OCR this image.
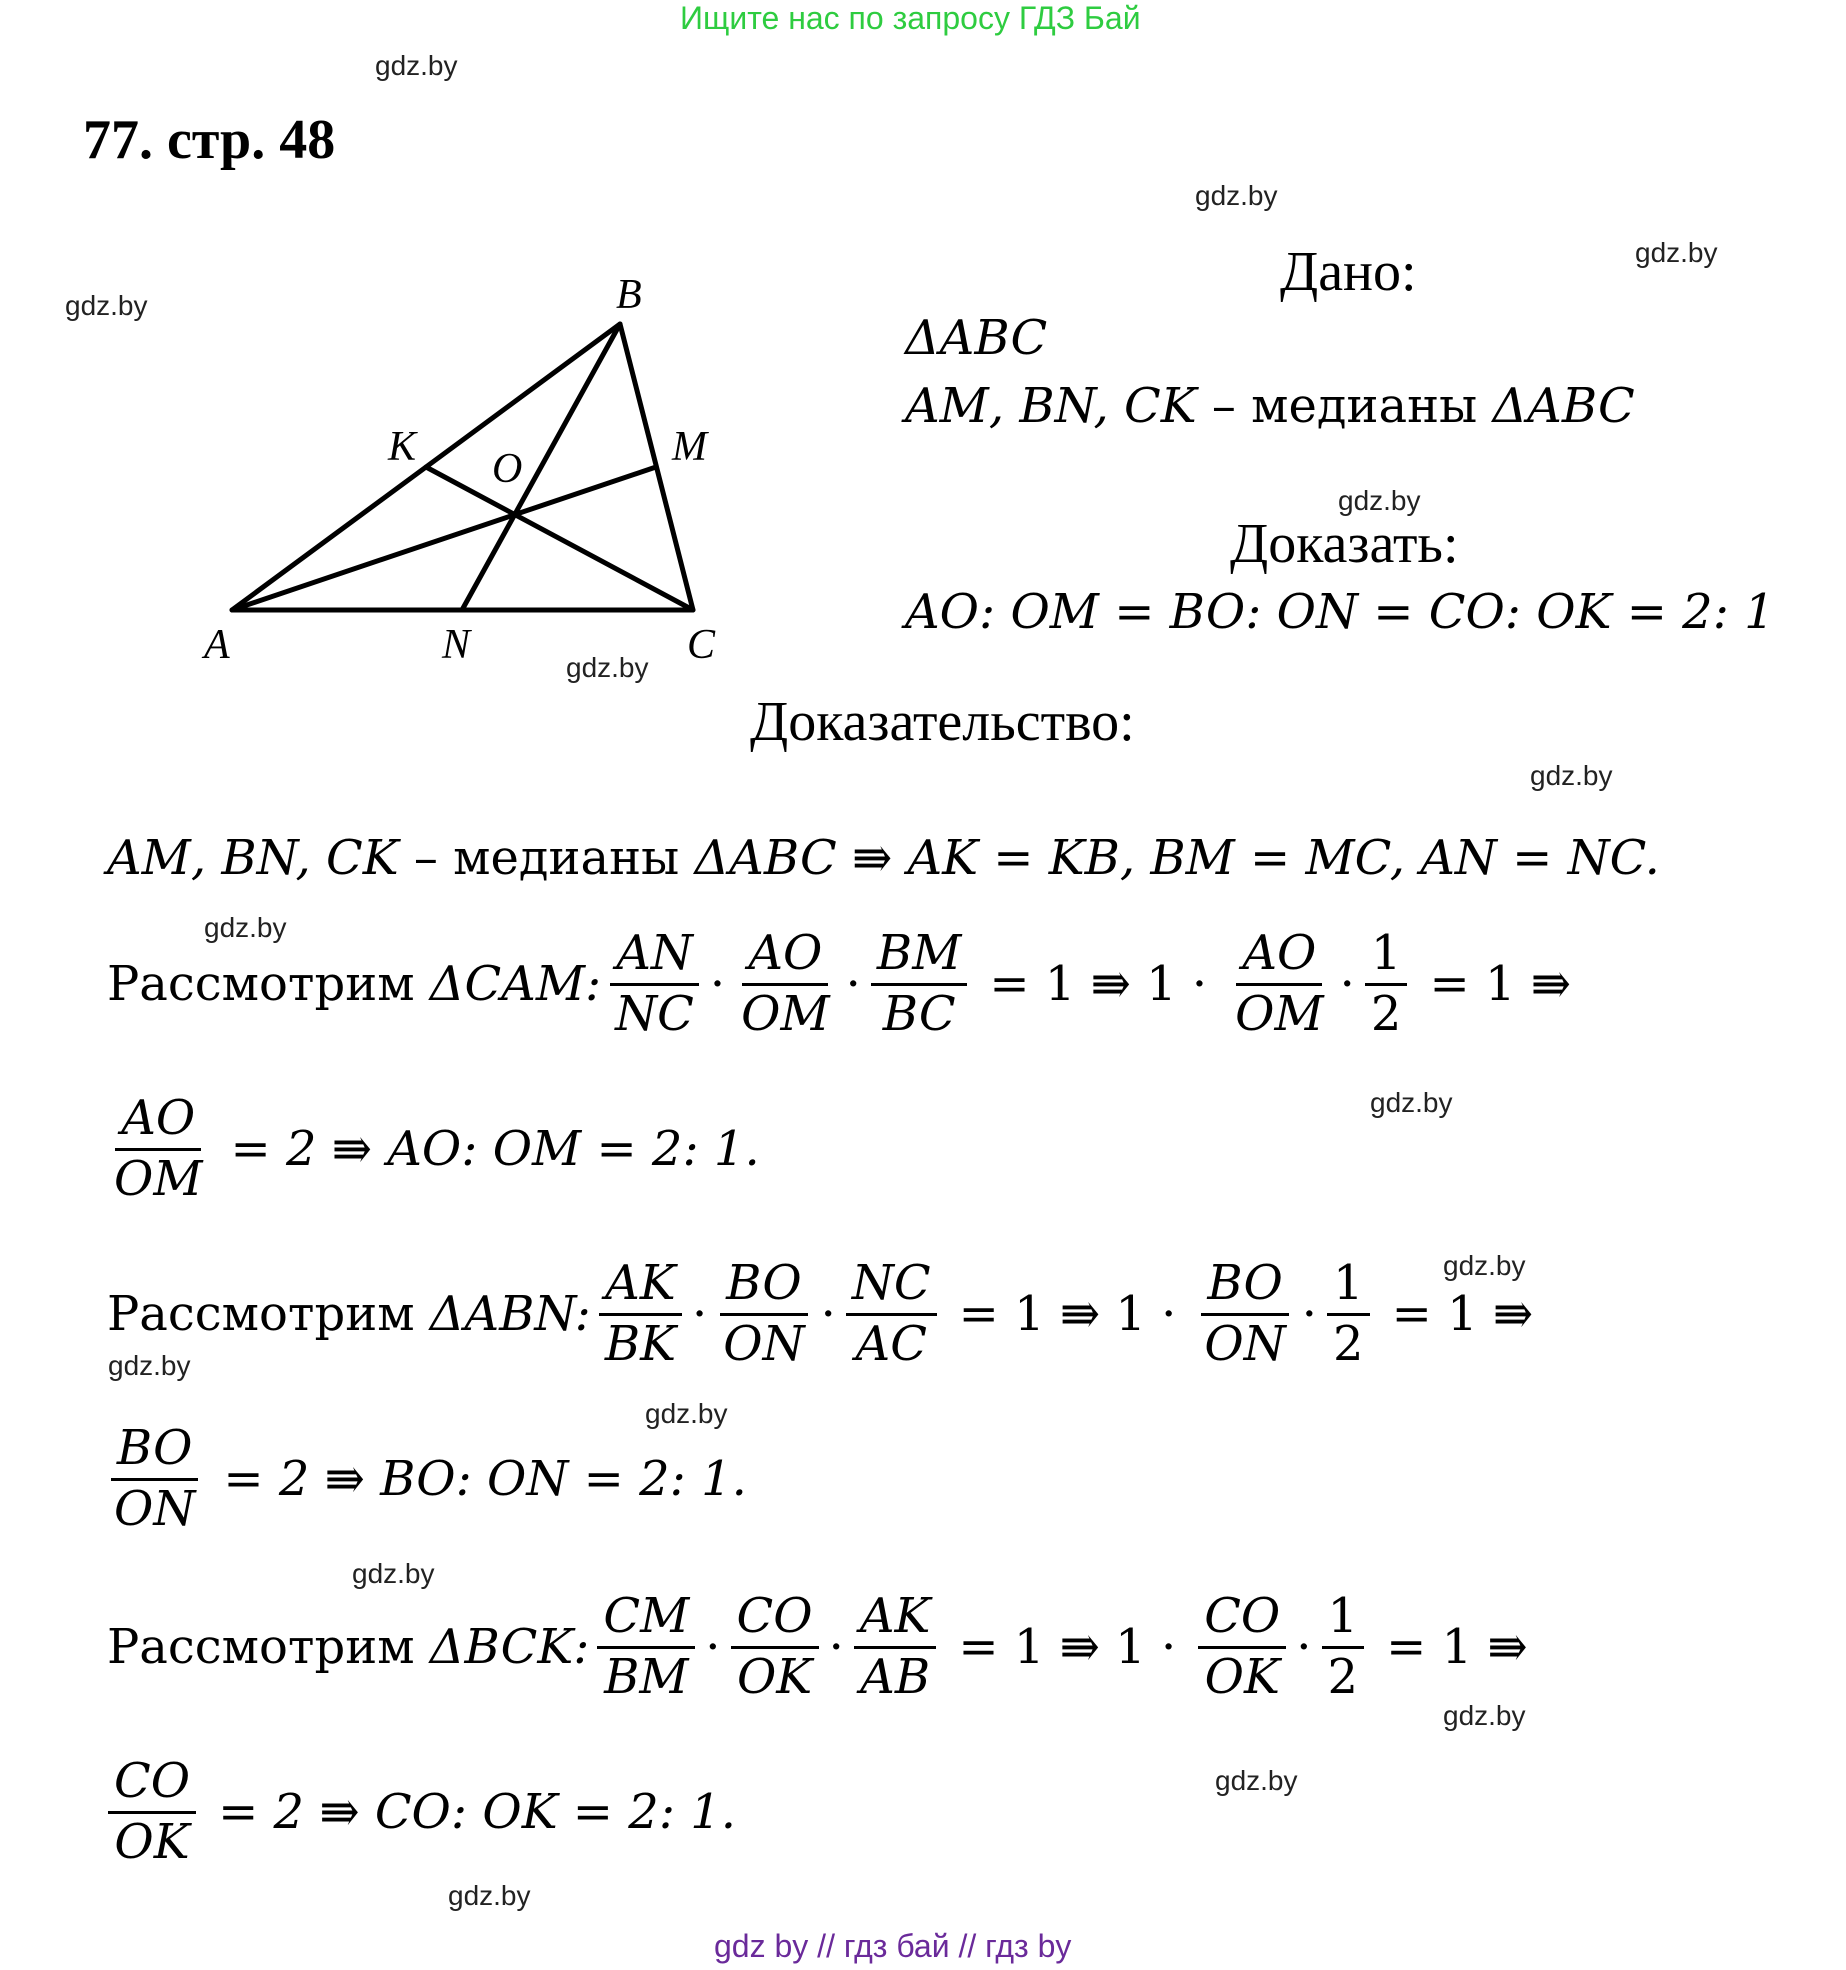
Ищите нас по запросу ГДЗ Бай
gdz.by
gdz.by
gdz.by
gdz.by
gdz.by
gdz.by
gdz.by
gdz.by
gdz.by
gdz.by
gdz.by
gdz.by
gdz.by
gdz.by
gdz.by
gdz.by
77. стр. 48
A
B
C
K	M
N
O
Дано:
ΔABC
AM, BN, CK – медианы ΔABC
Доказать:
AO: OM = BO: ON = CO: OK = 2: 1
Доказательство:
AM, BN, CK – медианы ΔABC ⇛ AK = KB, BM = MC, AN = NC.
Рассмотрим ΔCAM: $\frac{AN}{NC} \cdot \frac{AO}{OM} \cdot \frac{BM}{BC} = 1$ ⇛ $1 \cdot \frac{AO}{OM} \cdot \frac{1}{2} = 1$ ⇛
$\frac{AO}{OM} = 2$ ⇛ AO: OM = 2: 1.
Рассмотрим ΔABN: $\frac{AK}{BK} \cdot \frac{BO}{ON} \cdot \frac{NC}{AC} = 1$ ⇛ $1 \cdot \frac{BO}{ON} \cdot \frac{1}{2} = 1$ ⇛
$\frac{BO}{ON} = 2$ ⇛ BO: ON = 2: 1.
Рассмотрим ΔBCK: $\frac{CM}{BM} \cdot \frac{CO}{OK} \cdot \frac{AK}{AB} = 1$ ⇛ $1 \cdot \frac{CO}{OK} \cdot \frac{1}{2} = 1$ ⇛
$\frac{CO}{OK} = 2$ ⇛ CO: OK = 2: 1.
gdz by // гдз бай // гдз by
